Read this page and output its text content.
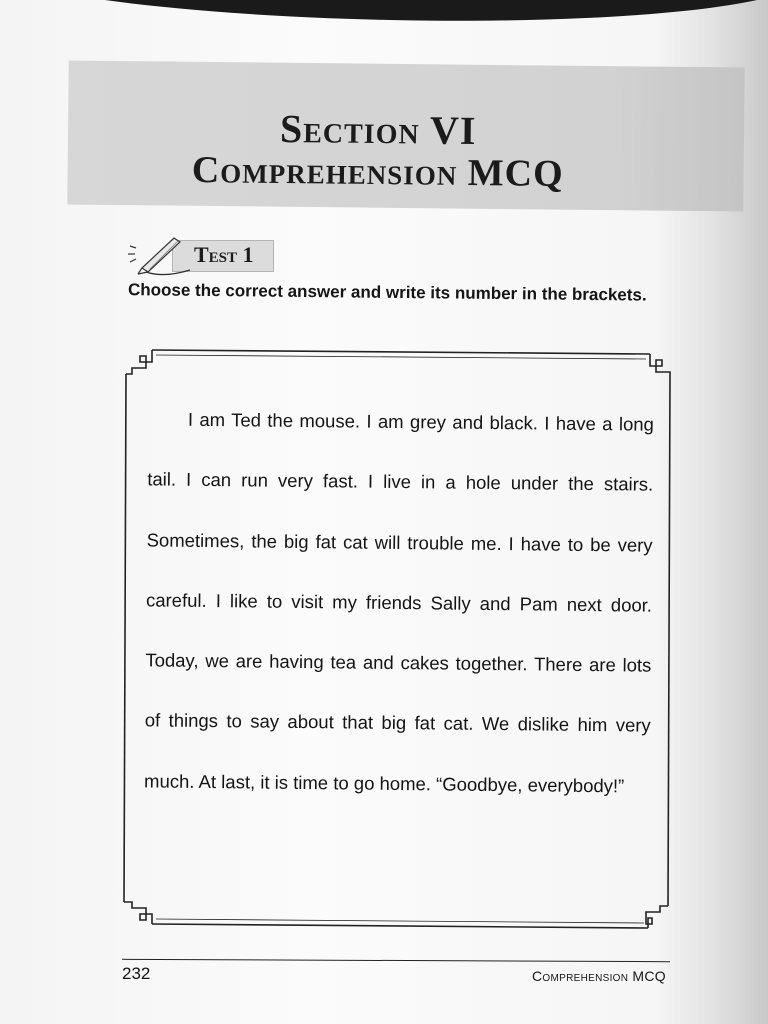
Section VI
Comprehension MCQ
Test 1
Choose the correct answer and write its number in the brackets.
I am Ted the mouse. I am grey and black. I have a long tail. I can run very fast. I live in a hole under the stairs. Sometimes, the big fat cat will trouble me. I have to be very careful. I like to visit my friends Sally and Pam next door. Today, we are having tea and cakes together. There are lots of things to say about that big fat cat. We dislike him very much. At last, it is time to go home. “Goodbye, everybody!”
232	Comprehension MCQ
